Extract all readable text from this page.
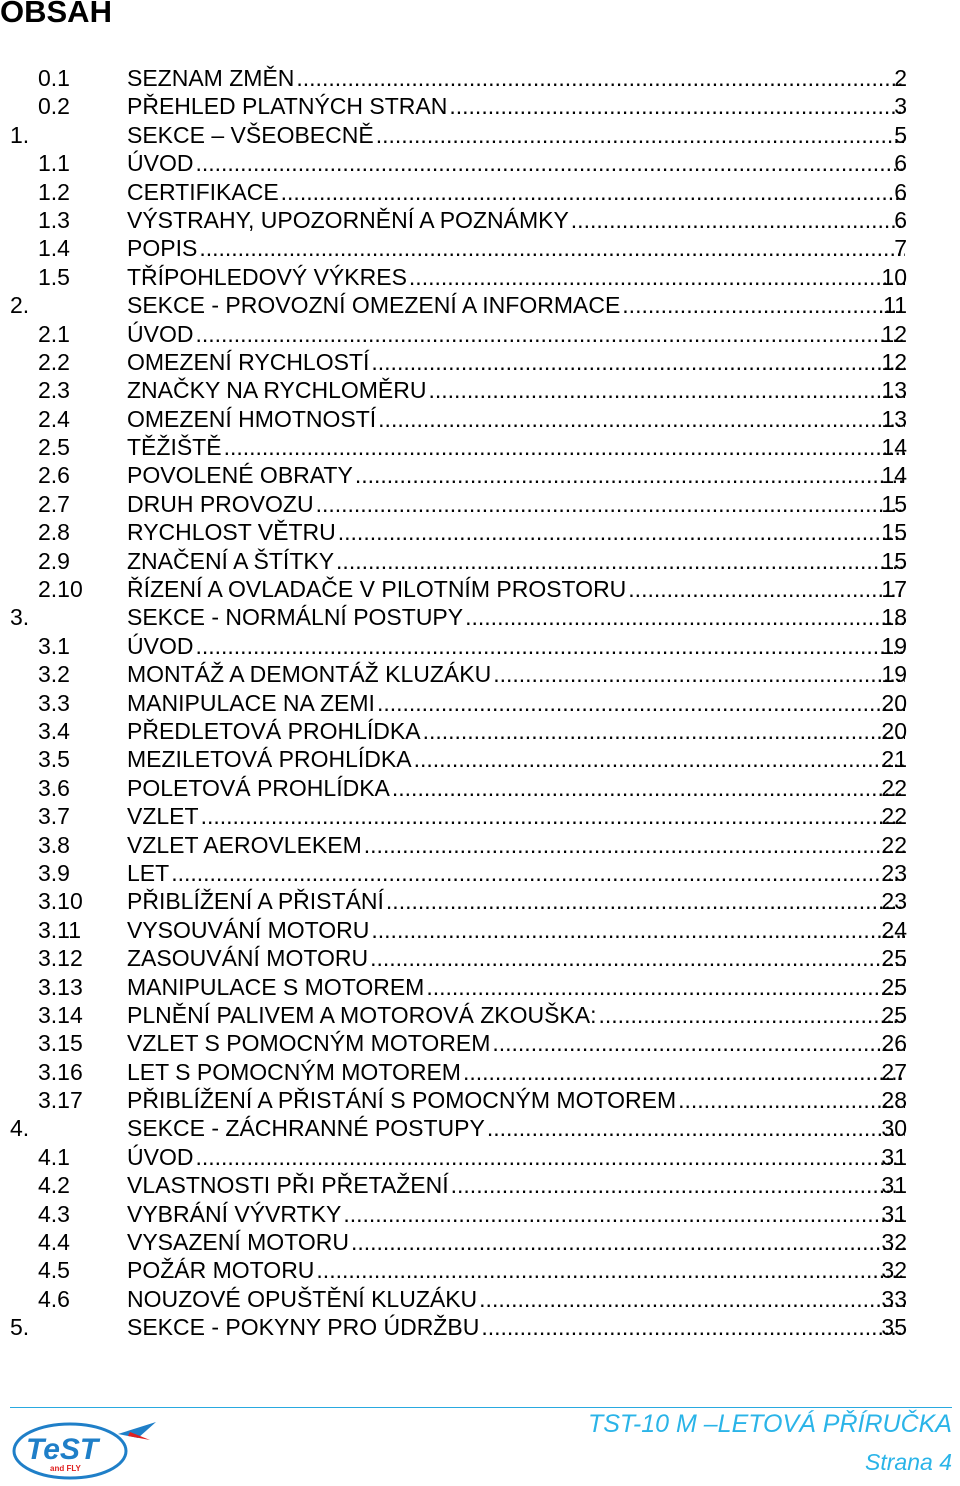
OBSAH
0.1 SEZNAM ZMĚN .....	2
0.2 PŘEHLED PLATNÝCH STRAN .....	3
1.	SEKCE – VŠEOBECNĚ .....	5
1.1 ÚVOD .....	6
1.2 CERTIFIKACE .....	6
1.3 VÝSTRAHY, UPOZORNĚNÍ A POZNÁMKY .....	6
1.4 POPIS .....	7
1.5 TŘÍPOHLEDOVÝ VÝKRES .....	10
2.	SEKCE - PROVOZNÍ OMEZENÍ A INFORMACE .....	11
2.1 ÚVOD .....	12
2.2 OMEZENÍ RYCHLOSTÍ .....	12
2.3 ZNAČKY NA RYCHLOMĚRU .....	13
2.4 OMEZENÍ HMOTNOSTÍ .....	13
2.5 TĚŽIŠTĚ .....	14
2.6 POVOLENÉ OBRATY .....	14
2.7 DRUH PROVOZU .....	15
2.8 RYCHLOST VĚTRU .....	15
2.9 ZNAČENÍ A ŠTÍTKY .....	15
2.10 ŘÍZENÍ A OVLADAČE V PILOTNÍM PROSTORU .....	17
3.	SEKCE - NORMÁLNÍ POSTUPY .....	18
3.1 ÚVOD .....	19
3.2 MONTÁŽ A DEMONTÁŽ KLUZÁKU .....	19
3.3 MANIPULACE NA ZEMI .....	20
3.4 PŘEDLETOVÁ PROHLÍDKA .....	20
3.5 MEZILETOVÁ PROHLÍDKA .....	21
3.6 POLETOVÁ PROHLÍDKA .....	22
3.7 VZLET .....	22
3.8 VZLET AEROVLEKEM .....	22
3.9 LET .....	23
3.10 PŘIBLÍŽENÍ A PŘISTÁNÍ .....	23
3.11 VYSOUVÁNÍ MOTORU .....	24
3.12 ZASOUVÁNÍ MOTORU .....	25
3.13 MANIPULACE S MOTOREM .....	25
3.14 PLNĚNÍ PALIVEM A MOTOROVÁ ZKOUŠKA: .....	25
3.15 VZLET S POMOCNÝM MOTOREM .....	26
3.16 LET S POMOCNÝM MOTOREM .....	27
3.17 PŘIBLÍŽENÍ A PŘISTÁNÍ S POMOCNÝM MOTOREM .....	28
4.	SEKCE - ZÁCHRANNÉ POSTUPY .....	30
4.1 ÚVOD .....	31
4.2 VLASTNOSTI PŘI PŘETAŽENÍ .....	31
4.3 VYBRÁNÍ VÝVRTKY .....	31
4.4 VYSAZENÍ MOTORU .....	32
4.5 POŽÁR MOTORU .....	32
4.6 NOUZOVÉ OPUŠTĚNÍ KLUZÁKU .....	33
5.	SEKCE - POKYNY PRO ÚDRŽBU .....	35
TeST
and FLY
TST-10 M –LETOVÁ PŘÍRUČKA
Strana 4
